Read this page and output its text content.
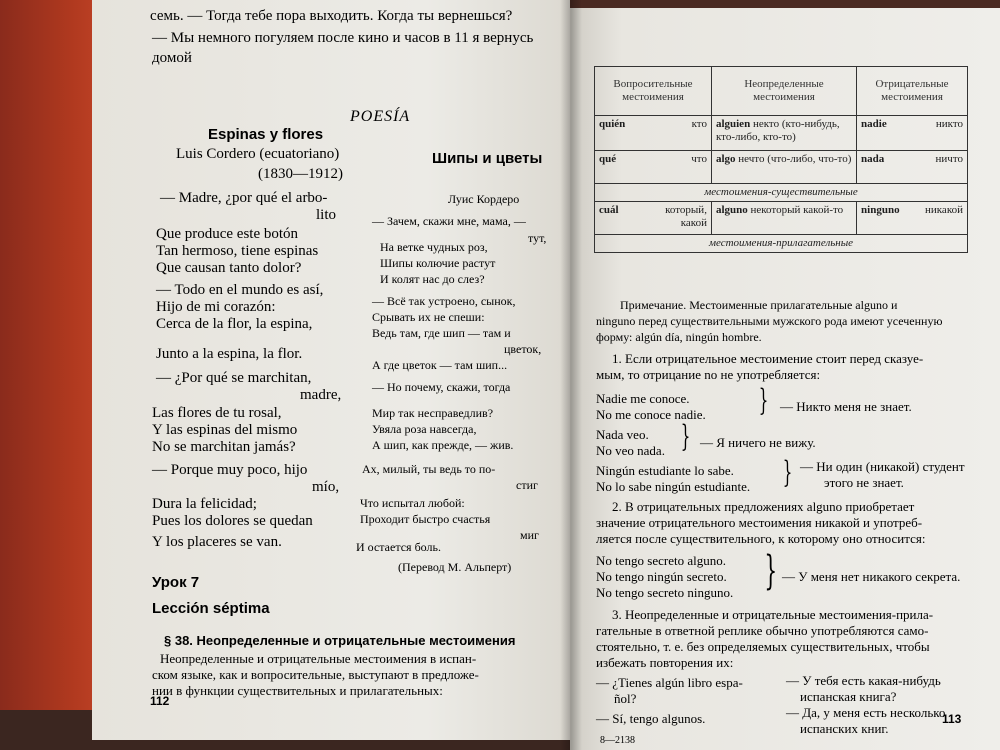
семь. — Тогда тебе пора выходить. Когда ты вернешься?
— Мы немного погуляем после кино и часов в 11 я вернусь
домой
POESÍA
Espinas y flores
Luis Cordero (ecuatoriano)
(1830—1912)
— Madre, ¿por qué el arbo-
lito
Que produce este botón
Tan hermoso, tiene espinas
Que causan tanto dolor?
— Todo en el mundo es así,
Hijo de mi corazón:
Cerca de la flor, la espina,
Junto a la espina, la flor.
— ¿Por qué se marchitan,
madre,
Las flores de tu rosal,
Y las espinas del mismo
No se marchitan jamás?
— Porque muy poco, hijo
mío,
Dura la felicidad;
Pues los dolores se quedan
Y los placeres se van.
Шипы и цветы
Луис Кордеро
— Зачем, скажи мне, мама, —
тут,
На ветке чудных роз,
Шипы колючие растут
И колят нас до слез?
— Всё так устроено, сынок,
Срывать их не спеши:
Ведь там, где шип — там и
цветок,
А где цветок — там шип...
— Но почему, скажи, тогда
Мир так несправедлив?
Увяла роза навсегда,
А шип, как прежде, — жив.
Ах, милый, ты ведь то по-
стиг
Что испытал любой:
Проходит быстро счастья
миг
И остается боль.
(Перевод М. Альперт)
Урок 7
Lección séptima
§ 38. Неопределенные и отрицательные местоимения
Неопределенные и отрицательные местоимения в испан-
ском языке, как и вопросительные, выступают в предложе-
нии в функции существительных и прилагательных:
112
Вопросительные местоимения	Неопределенные местоимения	Отрицательные местоимения
quién кто	alguien некто (кто-нибудь, кто-либо, кто-то)	nadie никто

qué что	algo нечто (что-либо, что-то)	nada ничто

местоимения-существительные		
cuál который, какой	alguno некоторый какой-то	ninguno никакой

местоимения-прилагательные		
Примечание. Местоименные прилагательные alguno и
ninguno перед существительными мужского рода имеют усеченную
форму: algún día, ningún hombre.
1. Если отрицательное местоимение стоит перед сказуе-
мым, то отрицание no не употребляется:
Nadie me conoce.
No me conoce nadie. } — Никто меня не знает.
Nada veo.
No veo nada. } — Я ничего не вижу.
Ningún estudiante lo sabe.
No lo sabe ningún estudiante. } — Ни один (никакой) студент
этого не знает.
2. В отрицательных предложениях alguno приобретает
значение отрицательного местоимения никакой и употреб-
ляется после существительного, к которому оно относится:
No tengo secreto alguno.
No tengo ningún secreto.
No tengo secreto ninguno. } — У меня нет никакого секрета.
3. Неопределенные и отрицательные местоимения-прила-
гательные в ответной реплике обычно употребляются само-
стоятельно, т. е. без определяемых существительных, чтобы
избежать повторения их:
— ¿Tienes algún libro espa-
ñol?
— Sí, tengo algunos.
— У тебя есть какая-нибудь
испанская книга?
— Да, у меня есть несколько
испанских книг.
8—2138
113
